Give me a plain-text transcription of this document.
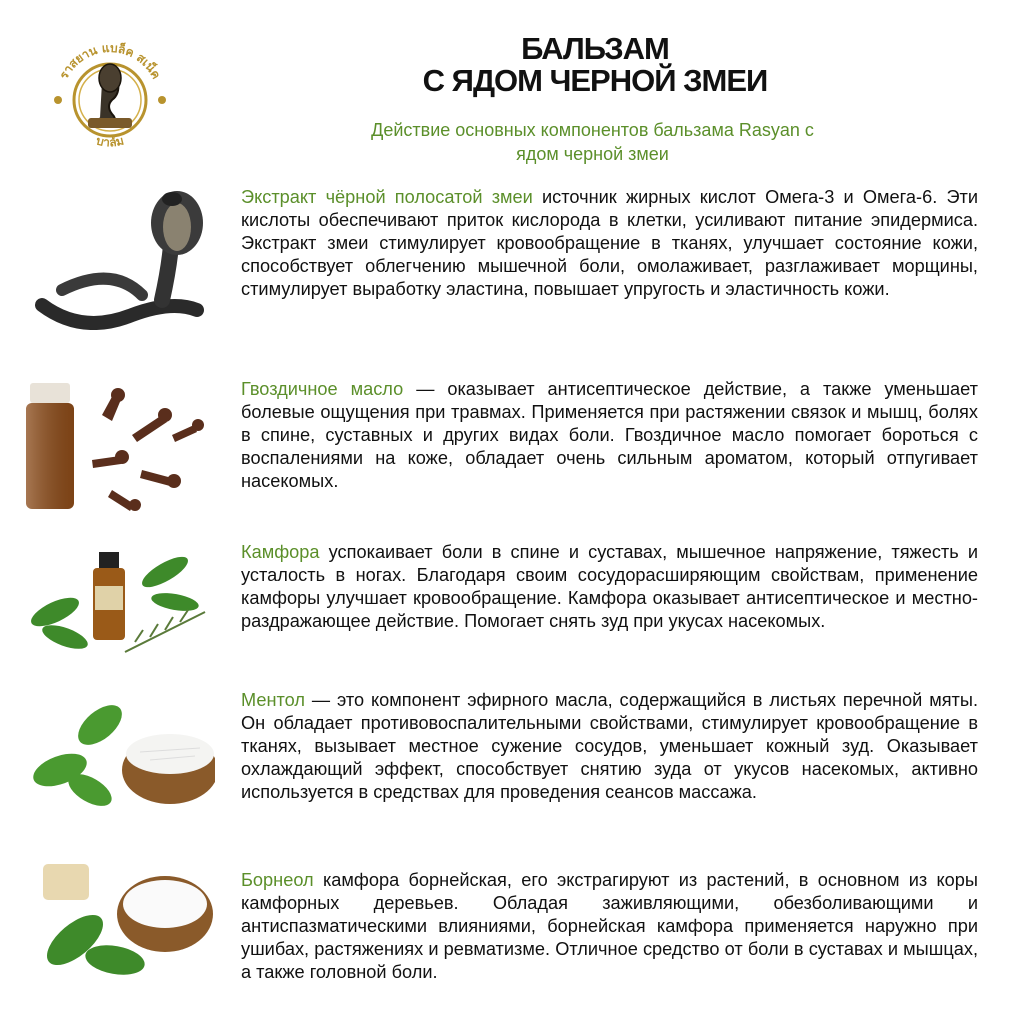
ราสยาน แบล็ค สเน็ค
บาล์ม
БАЛЬЗАМ
С ЯДОМ ЧЕРНОЙ ЗМЕИ
Действие основных компонентов бальзама Rasyan с
ядом черной змеи
Экстракт чёрной полосатой змеи источник жирных кислот Омега-3 и Омега-6. Эти кислоты обеспечивают приток кислорода в клетки, усиливают питание эпидермиса. Экстракт змеи стимулирует кровообращение в тканях, улучшает состояние кожи, способствует облегчению мышечной боли, омолаживает, разглаживает морщины, стимулирует выработку эластина, повышает упругость и эластичность кожи.
Гвоздичное масло — оказывает антисептическое действие, а также уменьшает болевые ощущения при травмах. Применяется при растяжении связок и мышц, болях в спине, суставных и других видах боли. Гвоздичное масло помогает бороться с воспалениями на коже, обладает очень сильным ароматом, который отпугивает насекомых.
Камфора успокаивает боли в спине и суставах, мышечное напряжение, тяжесть и усталость в ногах. Благодаря своим сосудорасширяющим свойствам, применение камфоры улучшает кровообращение. Камфора оказывает антисептическое и местно-раздражающее действие. Помогает снять зуд при укусах насекомых.
Ментол — это компонент эфирного масла, содержащийся в листьях перечной мяты. Он обладает противовоспалительными свойствами, стимулирует кровообращение в тканях, вызывает местное сужение сосудов, уменьшает кожный зуд. Оказывает охлаждающий эффект, способствует снятию зуда от укусов насекомых, активно используется в средствах для проведения сеансов массажа.
Борнеол камфора борнейская, его экстрагируют из растений, в основном из коры камфорных деревьев. Обладая заживляющими, обезболивающими и антиспазматическими влияниями, борнейская камфора применяется наружно при ушибах, растяжениях и ревматизме. Отличное средство от боли в суставах и мышцах, а также головной боли.
